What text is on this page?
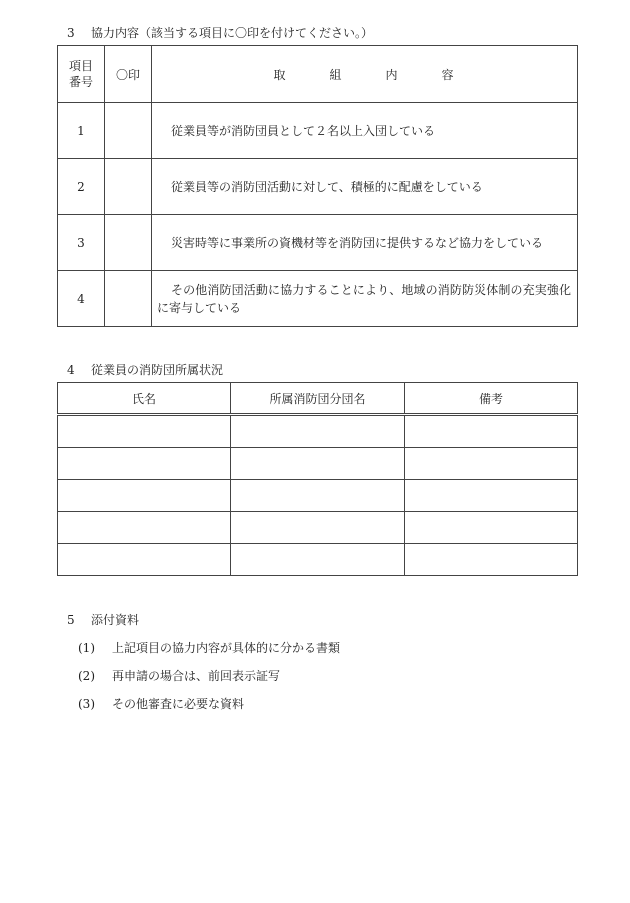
3 協力内容（該当する項目に〇印を付けてください。）
項目
番号	〇印	取 組 内 容
1		従業員等が消防団員として２名以上入団している
2		従業員等の消防団活動に対して、積極的に配慮をしている
3		災害時等に事業所の資機材等を消防団に提供するなど協力をしている
4		その他消防団活動に協力することにより、地域の消防防災体制の充実強化に寄与している
4 従業員の消防団所属状況
氏名	所属消防団分団名	備考

5 添付資料
(1) 上記項目の協力内容が具体的に分かる書類
(2) 再申請の場合は、前回表示証写
(3) その他審査に必要な資料
